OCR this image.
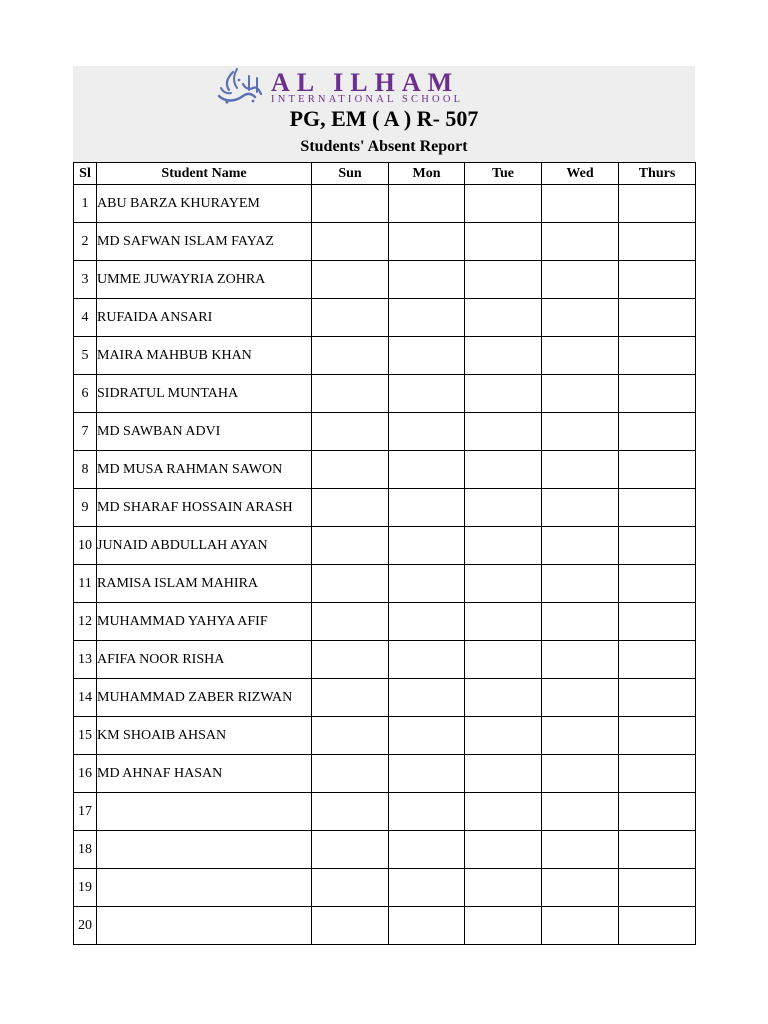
AL ILHAM
INTERNATIONAL SCHOOL
PG, EM ( A ) R- 507
Students' Absent Report
Sl	Student Name	Sun	Mon	Tue	Wed	Thurs
1	ABU BARZA KHURAYEM					
2	MD SAFWAN ISLAM FAYAZ					
3	UMME JUWAYRIA ZOHRA					
4	RUFAIDA ANSARI					
5	MAIRA MAHBUB KHAN					
6	SIDRATUL MUNTAHA					
7	MD SAWBAN ADVI					
8	MD MUSA RAHMAN SAWON					
9	MD SHARAF HOSSAIN ARASH					
10	JUNAID ABDULLAH AYAN					
11	RAMISA ISLAM MAHIRA					
12	MUHAMMAD YAHYA AFIF					
13	AFIFA NOOR RISHA					
14	MUHAMMAD ZABER RIZWAN					
15	KM SHOAIB AHSAN					
16	MD AHNAF HASAN					
17						
18						
19						
20						
